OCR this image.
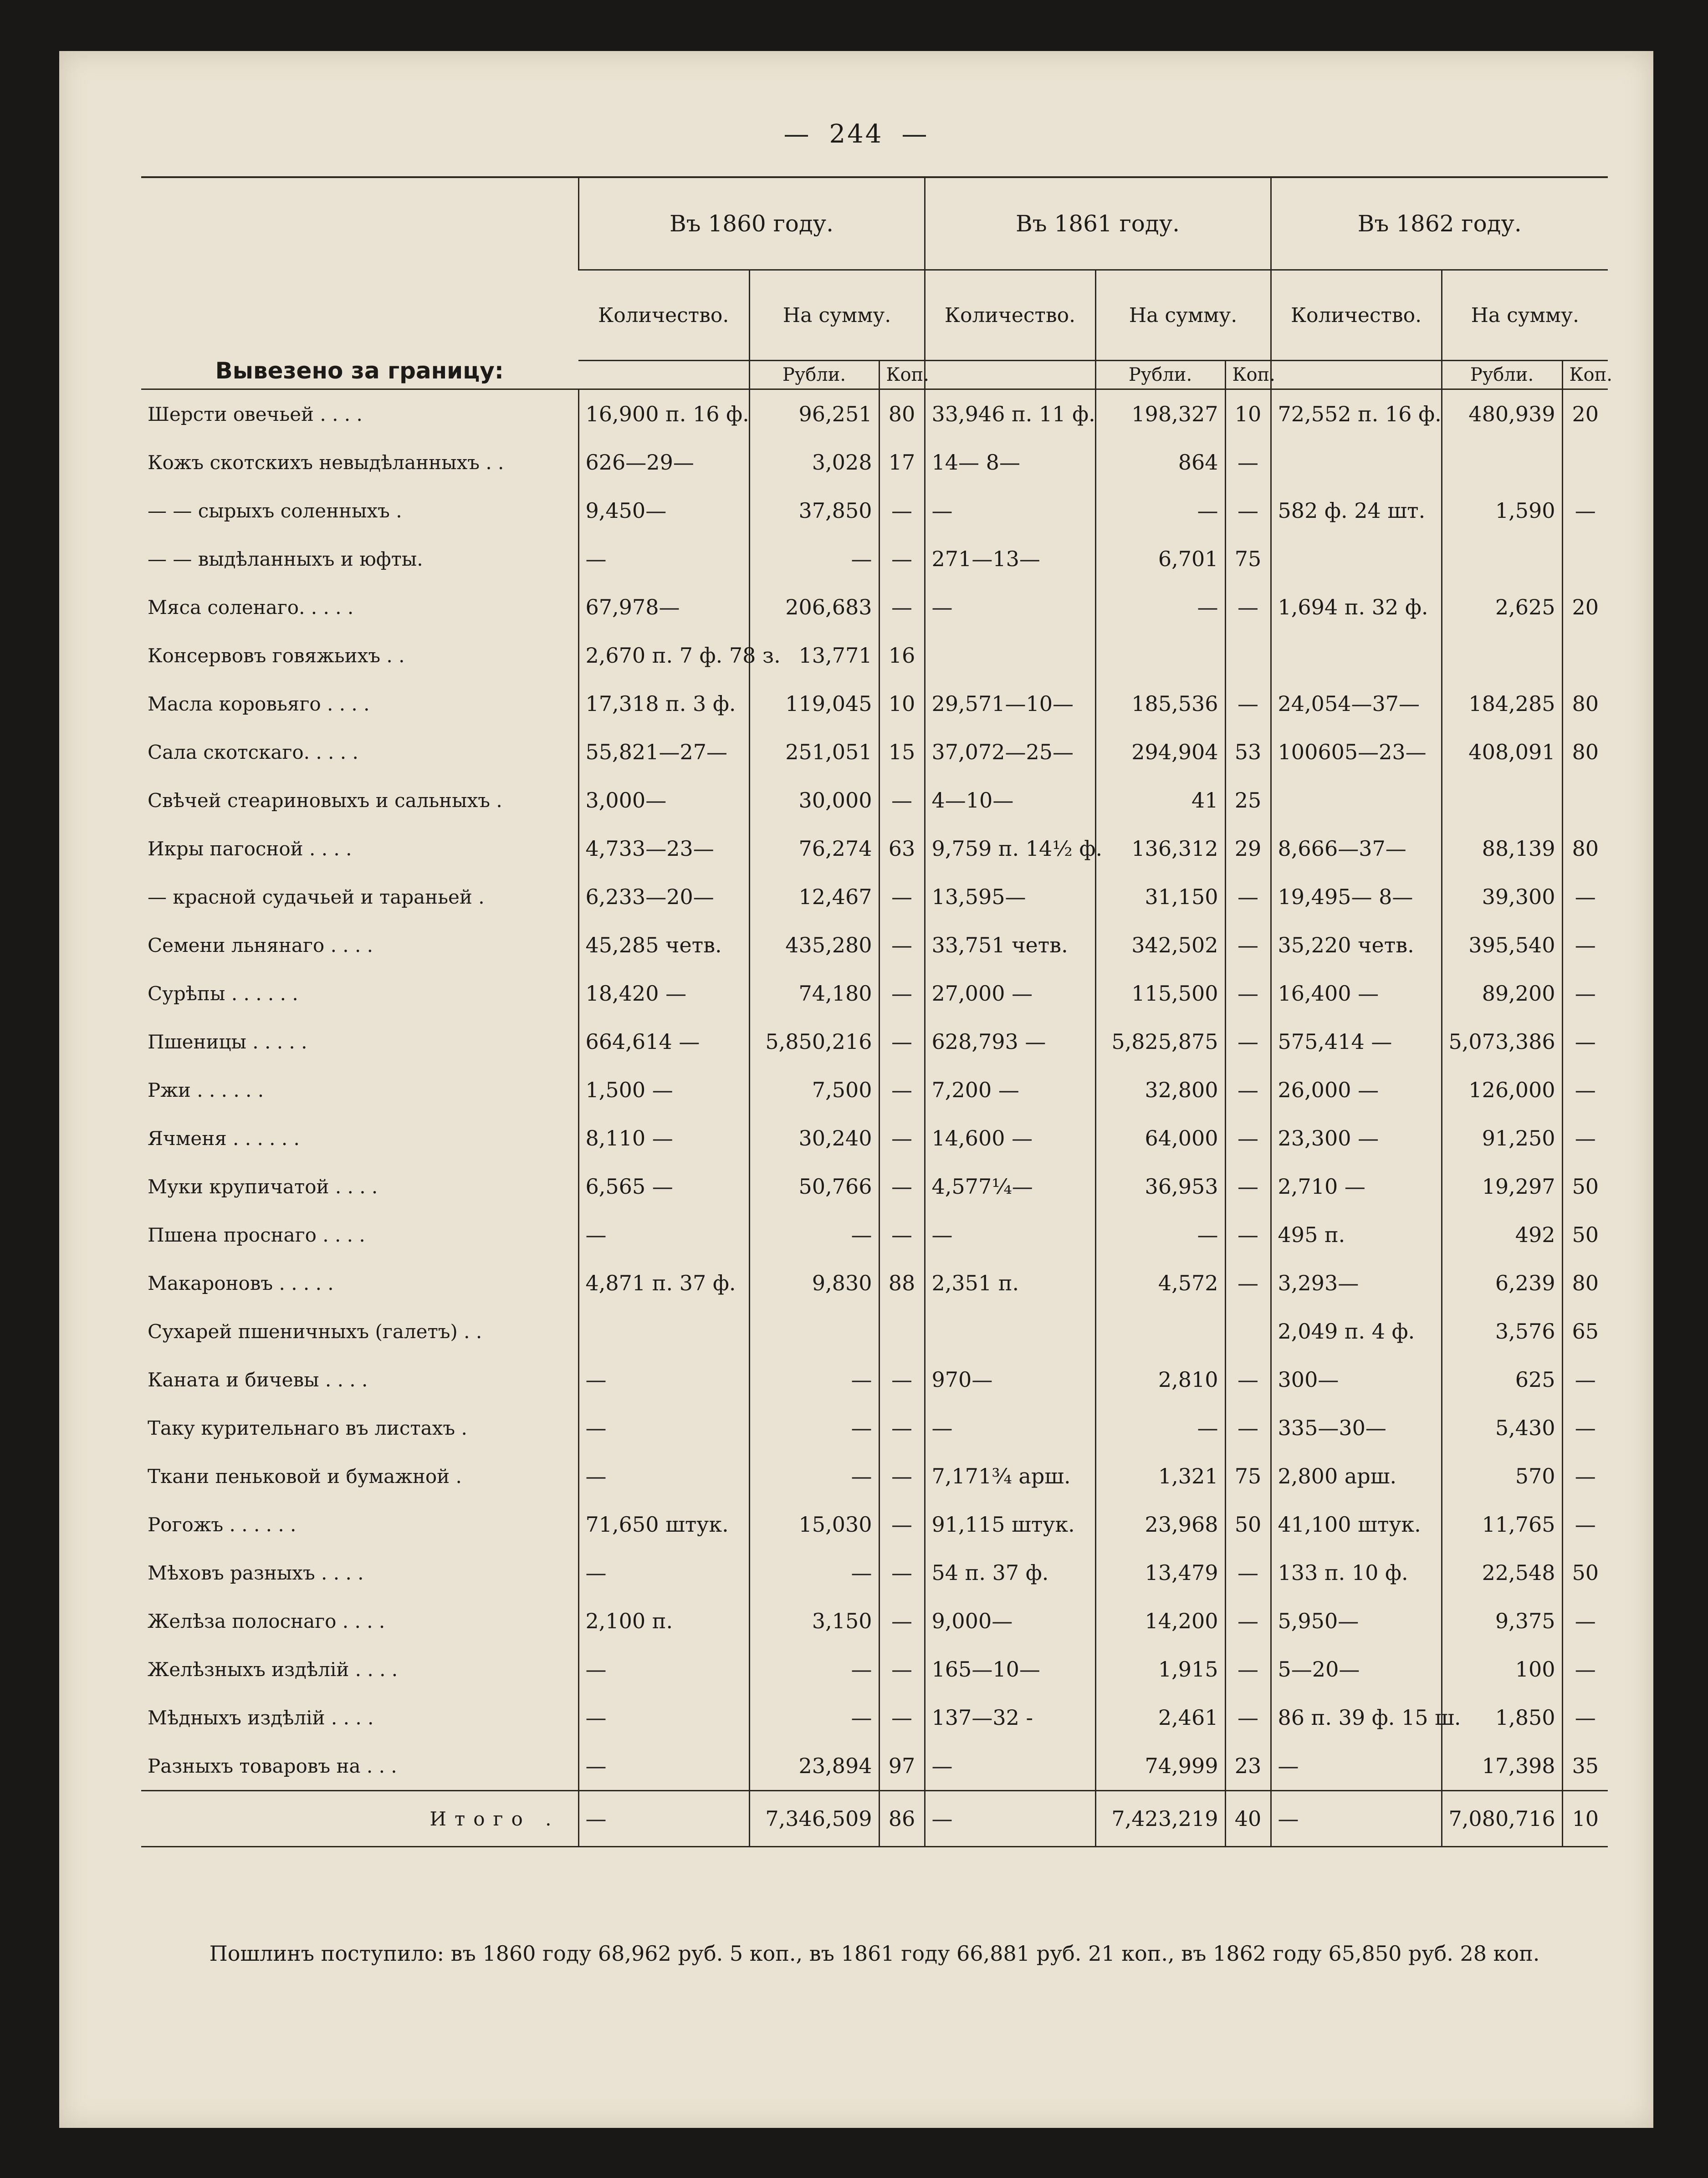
— 244 —
Вывезено за границу:	Въ 1860 году.			Въ 1861 году.			Въ 1862 году.		
	Количество.	На сумму.		Количество.	На сумму.		Количество.	На сумму.	
		Рубли.	Коп.		Рубли.	Коп.		Рубли.	Коп.
Шерсти овечьей . . . .	16,900 п. 16 ф.	96,251	80	33,946 п. 11 ф.	198,327	10	72,552 п. 16 ф.	480,939	20
Кожъ скотскихъ невыдѣланныхъ . .	626—29—	3,028	17	14— 8—	864	—			
— — сырыхъ соленныхъ .	9,450—	37,850	—	—	—	—	582 ф. 24 шт.	1,590	—
— — выдѣланныхъ и юфты.	—	—	—	271—13—	6,701	75			
Мяса соленаго. . . . .	67,978—	206,683	—	—	—	—	1,694 п. 32 ф.	2,625	20
Консервовъ говяжьихъ . .	2,670 п. 7 ф. 78 з.	13,771	16						
Масла коровьяго . . . .	17,318 п. 3 ф.	119,045	10	29,571—10—	185,536	—	24,054—37—	184,285	80
Сала скотскаго. . . . .	55,821—27—	251,051	15	37,072—25—	294,904	53	100605—23—	408,091	80
Свѣчей стеариновыхъ и сальныхъ .	3,000—	30,000	—	4—10—	41	25			
Икры пагосной . . . .	4,733—23—	76,274	63	9,759 п. 14½ ф.	136,312	29	8,666—37—	88,139	80
— красной судачьей и тараньей .	6,233—20—	12,467	—	13,595—	31,150	—	19,495— 8—	39,300	—
Семени льнянаго . . . .	45,285 четв.	435,280	—	33,751 четв.	342,502	—	35,220 четв.	395,540	—
Сурѣпы . . . . . .	18,420 —	74,180	—	27,000 —	115,500	—	16,400 —	89,200	—
Пшеницы . . . . .	664,614 —	5,850,216	—	628,793 —	5,825,875	—	575,414 —	5,073,386	—
Ржи . . . . . .	1,500 —	7,500	—	7,200 —	32,800	—	26,000 —	126,000	—
Ячменя . . . . . .	8,110 —	30,240	—	14,600 —	64,000	—	23,300 —	91,250	—
Муки крупичатой . . . .	6,565 —	50,766	—	4,577¼—	36,953	—	2,710 —	19,297	50
Пшена проснаго . . . .	—	—	—	—	—	—	495 п.	492	50
Макароновъ . . . . .	4,871 п. 37 ф.	9,830	88	2,351 п.	4,572	—	3,293—	6,239	80
Сухарей пшеничныхъ (галетъ) . .							2,049 п. 4 ф.	3,576	65
Каната и бичевы . . . .	—	—	—	970—	2,810	—	300—	625	—
Таку курительнаго въ листахъ .	—	—	—	—	—	—	335—30—	5,430	—
Ткани пеньковой и бумажной .	—	—	—	7,171¾ арш.	1,321	75	2,800 арш.	570	—
Рогожъ . . . . . .	71,650 штук.	15,030	—	91,115 штук.	23,968	50	41,100 штук.	11,765	—
Мѣховъ разныхъ . . . .	—	—	—	54 п. 37 ф.	13,479	—	133 п. 10 ф.	22,548	50
Желѣза полоснаго . . . .	2,100 п.	3,150	—	9,000—	14,200	—	5,950—	9,375	—
Желѣзныхъ издѣлій . . . .	—	—	—	165—10—	1,915	—	5—20—	100	—
Мѣдныхъ издѣлій . . . .	—	—	—	137—32 -	2,461	—	86 п. 39 ф. 15 ш.	1,850	—
Разныхъ товаровъ на . . .	—	23,894	97	—	74,999	23	—	17,398	35
Итого .	—	7,346,509	86	—	7,423,219	40	—	7,080,716	10
Пошлинъ поступило: въ 1860 году 68,962 руб. 5 коп., въ 1861 году 66,881 руб. 21 коп., въ 1862 году 65,850 руб. 28 коп.
